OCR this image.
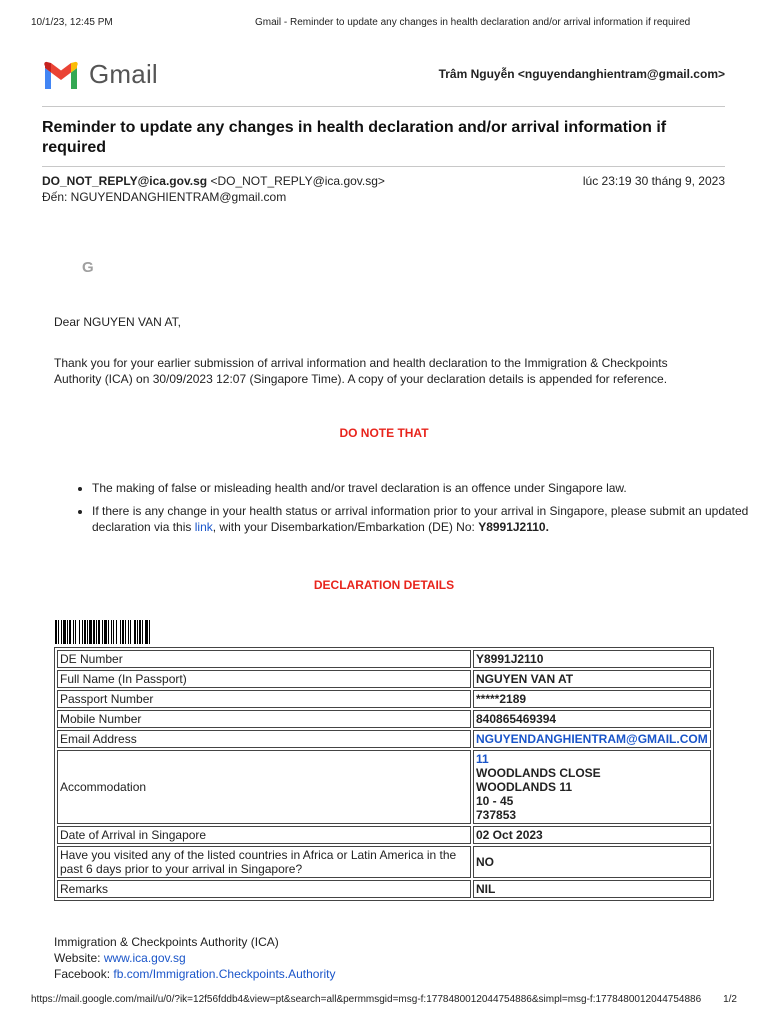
10/1/23, 12:45 PM	Gmail - Reminder to update any changes in health declaration and/or arrival information if required
Gmail	Trâm Nguyễn <nguyendanghientram@gmail.com>
Reminder to update any changes in health declaration and/or arrival information if required
DO_NOT_REPLY@ica.gov.sg <DO_NOT_REPLY@ica.gov.sg>
Đến: NGUYENDANGHIENTRAM@gmail.com
lúc 23:19 30 tháng 9, 2023
G
Dear NGUYEN VAN AT,
Thank you for your earlier submission of arrival information and health declaration to the Immigration & Checkpoints Authority (ICA) on 30/09/2023 12:07 (Singapore Time). A copy of your declaration details is appended for reference.
DO NOTE THAT
• The making of false or misleading health and/or travel declaration is an offence under Singapore law.
• If there is any change in your health status or arrival information prior to your arrival in Singapore, please submit an updated declaration via this link, with your Disembarkation/Embarkation (DE) No: Y8991J2110.
DECLARATION DETAILS
DE Number	Y8991J2110
Full Name (In Passport)	NGUYEN VAN AT
Passport Number	*****2189
Mobile Number	840865469394
Email Address	NGUYENDANGHIENTRAM@GMAIL.COM
Accommodation	11
WOODLANDS CLOSE
WOODLANDS 11
10 - 45
737853

Date of Arrival in Singapore	02 Oct 2023
Have you visited any of the listed countries in Africa or Latin America in the past 6 days prior to your arrival in Singapore?	NO
Remarks	NIL
Immigration & Checkpoints Authority (ICA)
Website: www.ica.gov.sg
Facebook: fb.com/Immigration.Checkpoints.Authority
https://mail.google.com/mail/u/0/?ik=12f56fddb4&view=pt&search=all&permmsgid=msg-f:1778480012044754886&simpl=msg-f:1778480012044754886 1/2
